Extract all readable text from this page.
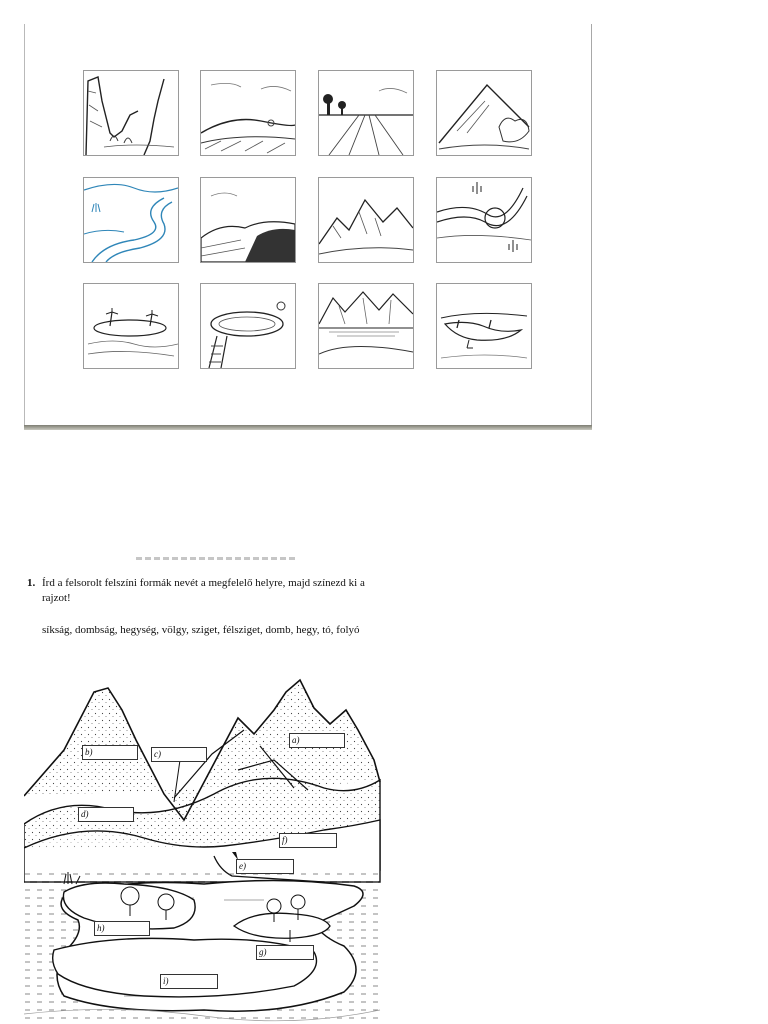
1. Írd a felsorolt felszíni formák nevét a megfelelő helyre, majd színezd ki a
rajzot!
síkság, dombság, hegység, völgy, sziget, félsziget, domb, hegy, tó, folyó
a)
b)	c)
d)
e)
f)
g)
h)
i)
